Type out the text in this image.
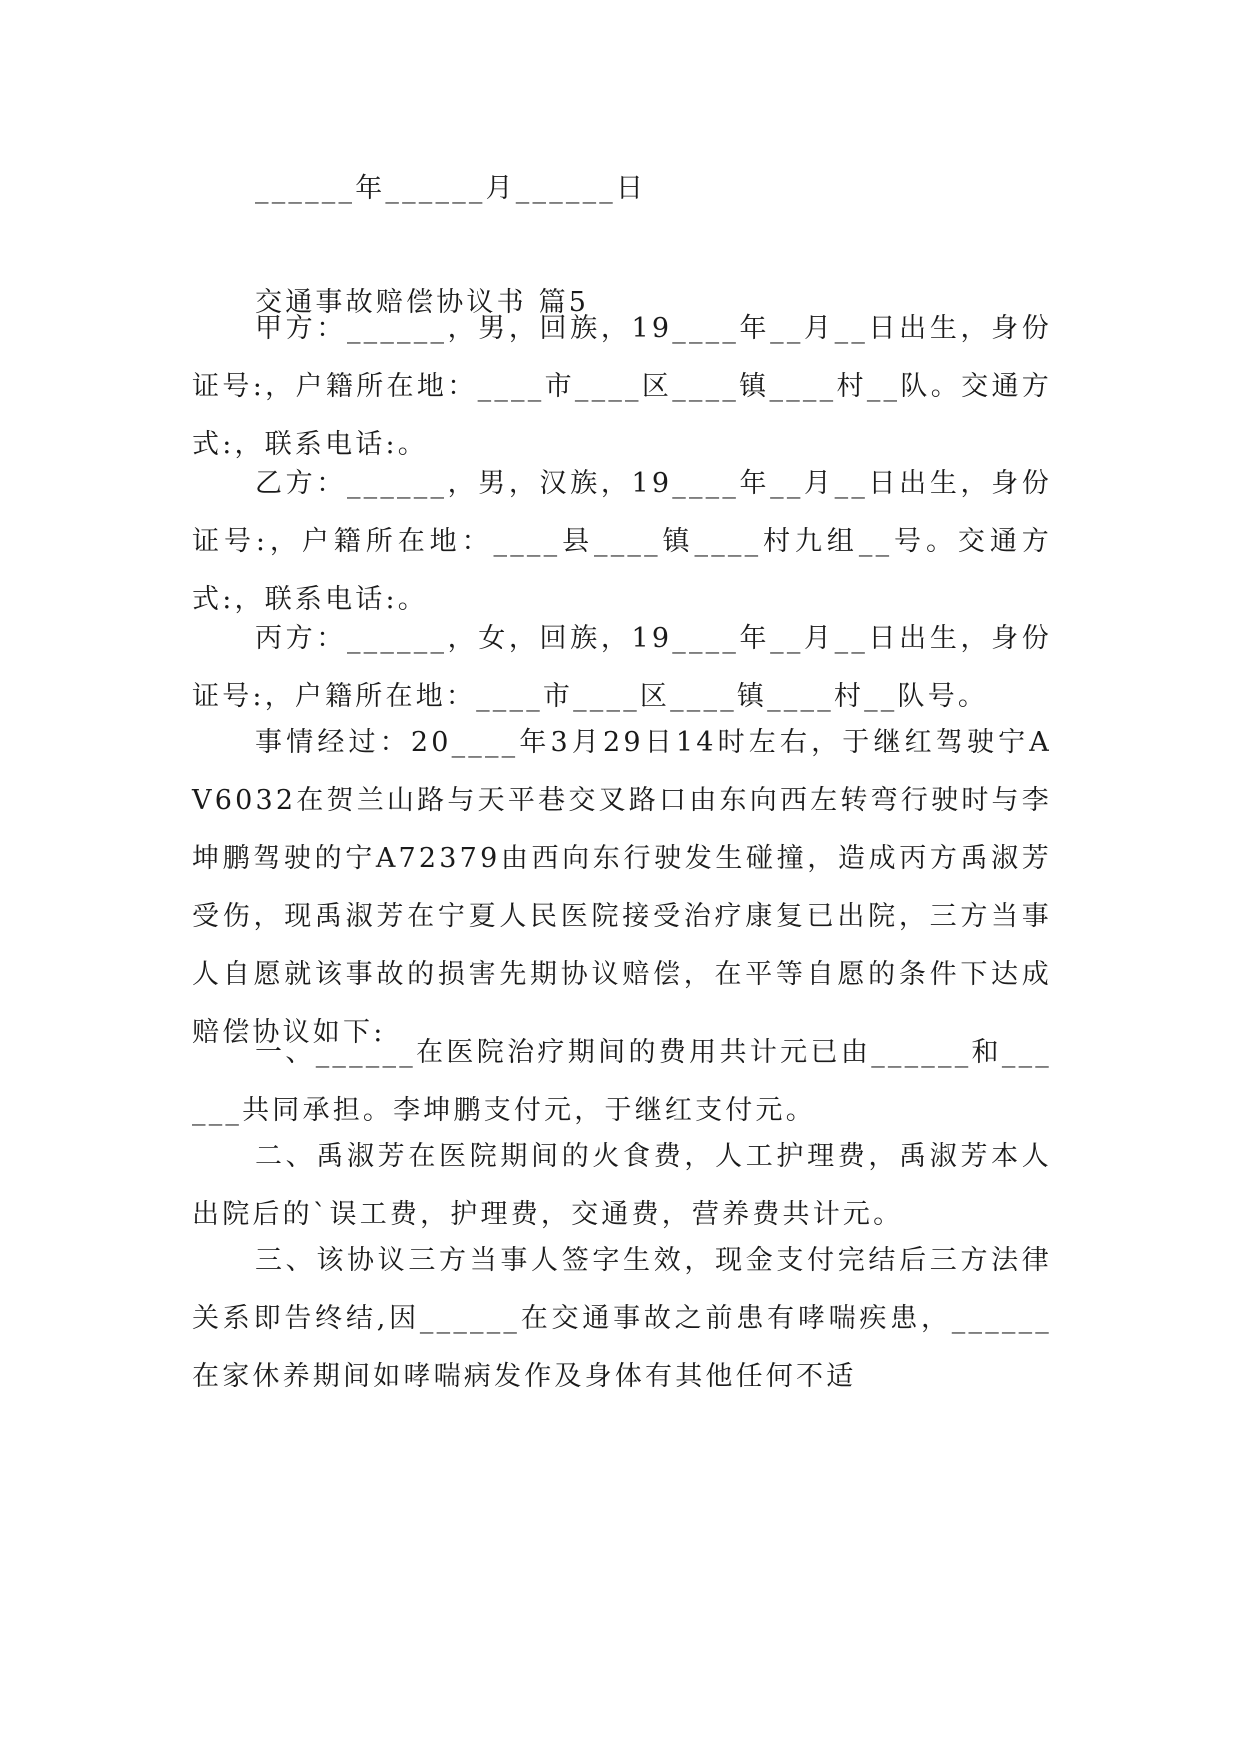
______年______月______日
交通事故赔偿协议书 篇5

甲方：______，男，回族，19____年__月__日出生，身份证号:，户籍所在地：____市____区____镇____村__队。交通方式:，联系电话:。

乙方：______，男，汉族，19____年__月__日出生，身份证号:，户籍所在地：____县____镇____村九组__号。交通方式:，联系电话:。

丙方：______，女，回族，19____年__月__日出生，身份证号:，户籍所在地：____市____区____镇____村__队号。

事情经过：20____年3月29日14时左右，于继红驾驶宁AV6032在贺兰山路与天平巷交叉路口由东向西左转弯行驶时与李坤鹏驾驶的宁A72379由西向东行驶发生碰撞，造成丙方禹淑芳受伤，现禹淑芳在宁夏人民医院接受治疗康复已出院，三方当事人自愿就该事故的损害先期协议赔偿，在平等自愿的条件下达成赔偿协议如下:

一、______在医院治疗期间的费用共计元已由______和______共同承担。李坤鹏支付元，于继红支付元。

二、禹淑芳在医院期间的火食费，人工护理费，禹淑芳本人出院后的`误工费，护理费，交通费，营养费共计元。

三、该协议三方当事人签字生效，现金支付完结后三方法律关系即告终结,因______在交通事故之前患有哮喘疾患，______在家休养期间如哮喘病发作及身体有其他任何不适
